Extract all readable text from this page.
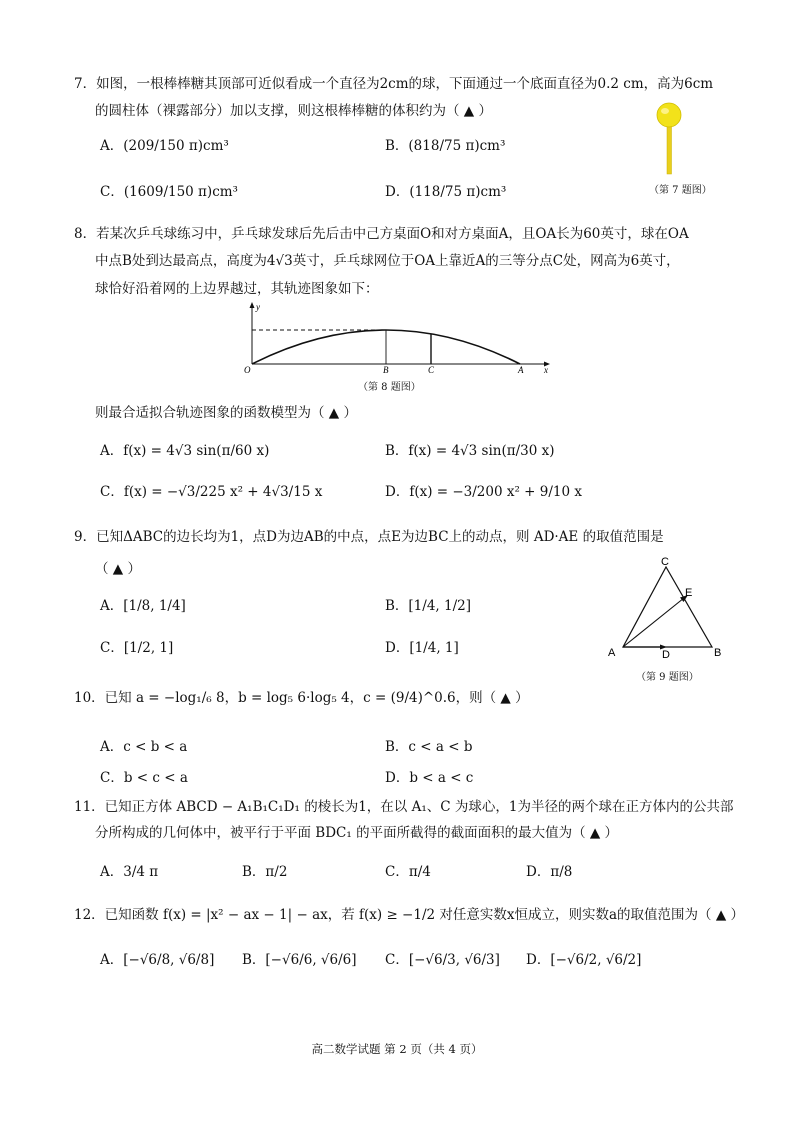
7．如图，一根棒棒糖其顶部可近似看成一个直径为2cm的球，下面通过一个底面直径为0.2 cm，高为6cm
的圆柱体（裸露部分）加以支撑，则这根棒棒糖的体积约为（ ▲ ）
A．(209/150 π)cm³	B．(818/75 π)cm³
C．(1609/150 π)cm³	D．(118/75 π)cm³	（第 7 题图）
8．若某次乒乓球练习中，乒乓球发球后先后击中己方桌面O和对方桌面A，且OA长为60英寸，球在OA
中点B处到达最高点，高度为4√3英寸，乒乓球网位于OA上靠近A的三等分点C处，网高为6英寸，
球恰好沿着网的上边界越过，其轨迹图象如下：
y
O	B	C	A x
（第 8 题图）
则最合适拟合轨迹图象的函数模型为（ ▲ ）
A．f(x) = 4√3 sin(π/60 x)	B．f(x) = 4√3 sin(π/30 x)
C．f(x) = −√3/225 x² + 4√3/15 x	D．f(x) = −3/200 x² + 9/10 x
9．已知ΔABC的边长均为1，点D为边AB的中点，点E为边BC上的动点，则 AD·AE 的取值范围是
（ ▲ ）
A．[1/8, 1/4]	B．[1/4, 1/2]
C．[1/2, 1]	D．[1/4, 1]
C
E
A	D	B
（第 9 题图）
10．已知 a = −log₁/₆ 8，b = log₅ 6·log₅ 4，c = (9/4)^0.6，则（ ▲ ）
A．c < b < a	B．c < a < b
C．b < c < a	D．b < a < c
11．已知正方体 ABCD − A₁B₁C₁D₁ 的棱长为1，在以 A₁、C 为球心，1为半径的两个球在正方体内的公共部
分所构成的几何体中，被平行于平面 BDC₁ 的平面所截得的截面面积的最大值为（ ▲ ）
A．3/4 π	B．π/2	C．π/4	D．π/8
12．已知函数 f(x) = |x² − ax − 1| − ax，若 f(x) ≥ −1/2 对任意实数x恒成立，则实数a的取值范围为（ ▲ ）
A．[−√6/8, √6/8] B．[−√6/6, √6/6] C．[−√6/3, √6/3] D．[−√6/2, √6/2]
高二数学试题 第 2 页（共 4 页）
